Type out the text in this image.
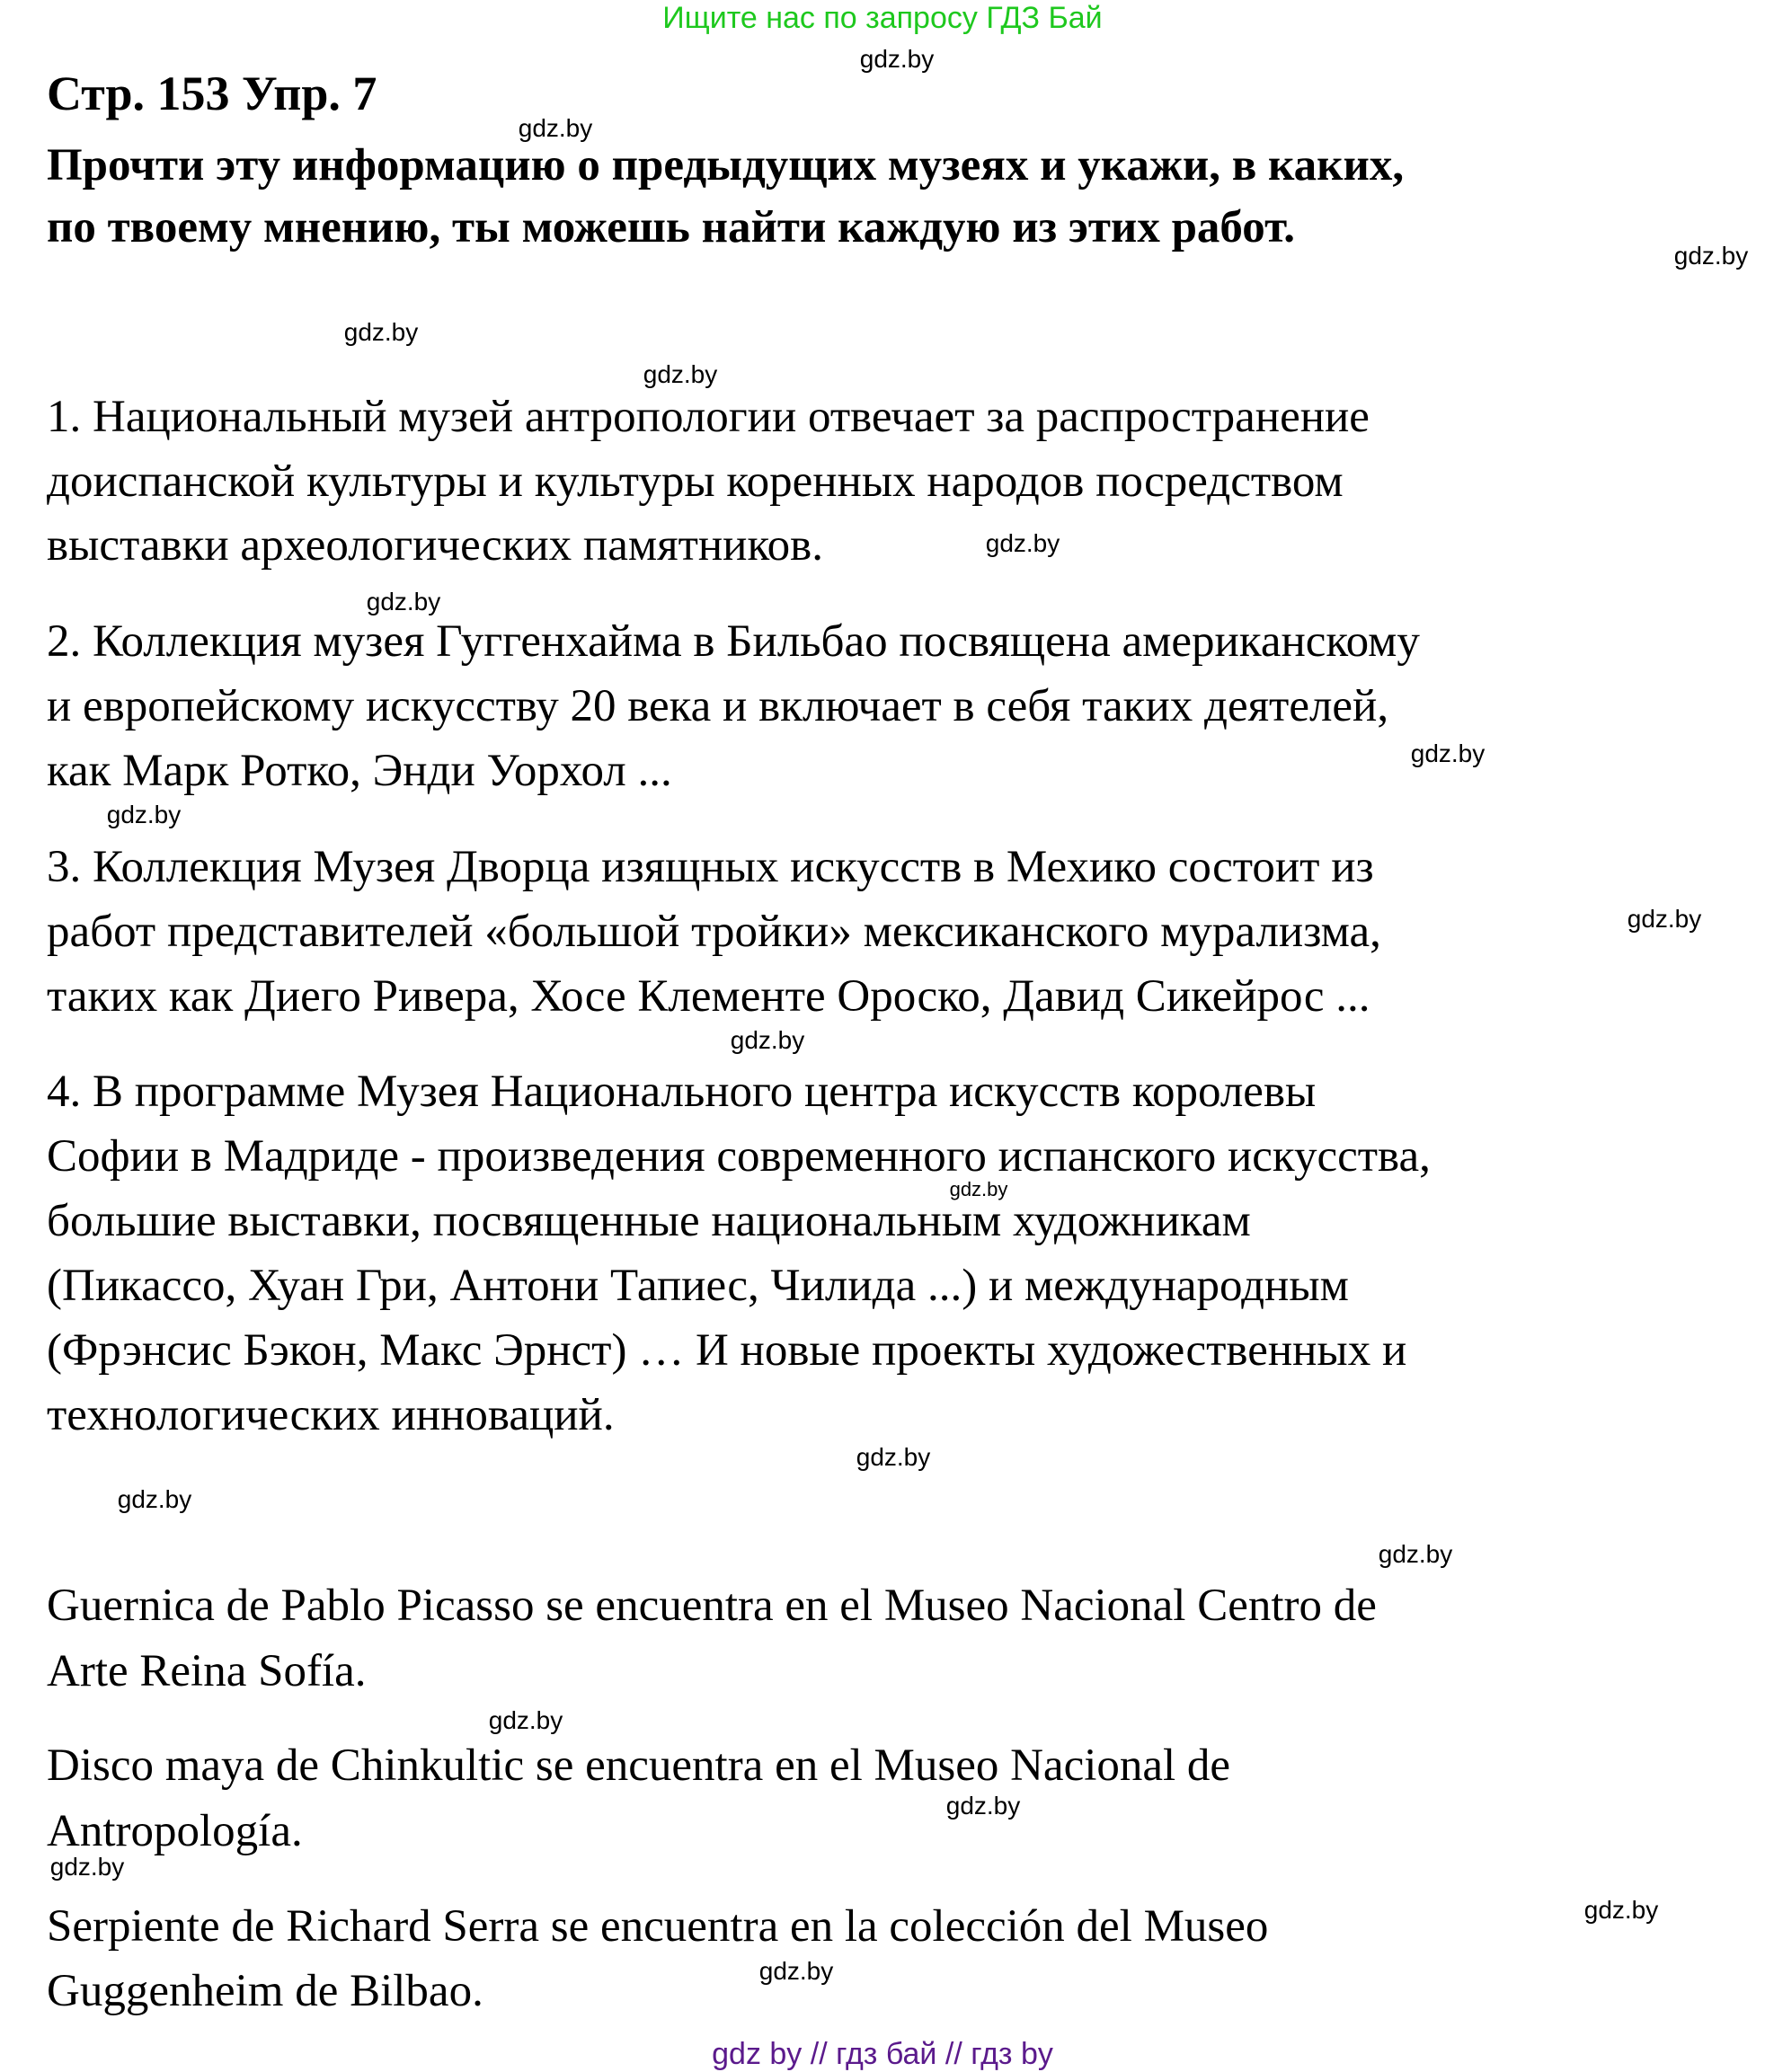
Ищите нас по запросу ГДЗ Бай
Стр. 153 Упр. 7
Прочти эту информацию о предыдущих музеях и укажи, в каких,
по твоему мнению, ты можешь найти каждую из этих работ.
1. Национальный музей антропологии отвечает за распространение
доиспанской культуры и культуры коренных народов посредством
выставки археологических памятников.
2. Коллекция музея Гуггенхайма в Бильбао посвящена американскому
и европейскому искусству 20 века и включает в себя таких деятелей,
как Марк Ротко, Энди Уорхол ...
3. Коллекция Музея Дворца изящных искусств в Мехико состоит из
работ представителей «большой тройки» мексиканского мурализма,
таких как Диего Ривера, Хосе Клементе Ороско, Давид Сикейрос ...
4. В программе Музея Национального центра искусств королевы
Софии в Мадриде - произведения современного испанского искусства,
большие выставки, посвященные национальным художникам
(Пикассо, Хуан Гри, Антони Тапиес, Чилида ...) и международным
(Фрэнсис Бэкон, Макс Эрнст) … И новые проекты художественных и
технологических инноваций.
Guernica de Pablo Picasso se encuentra en el Museo Nacional Centro de
Arte Reina Sofía.
Disco maya de Chinkultic se encuentra en el Museo Nacional de
Antropología.
Serpiente de Richard Serra se encuentra en la colección del Museo
Guggenheim de Bilbao.
gdz.by
gdz.by
gdz.by
gdz.by
gdz.by
gdz.by
gdz.by
gdz.by
gdz.by
gdz.by
gdz.by
gdz.by
gdz.by
gdz.by
gdz.by
gdz.by
gdz.by
gdz.by
gdz.by
gdz.by
gdz by // гдз бай // гдз by
